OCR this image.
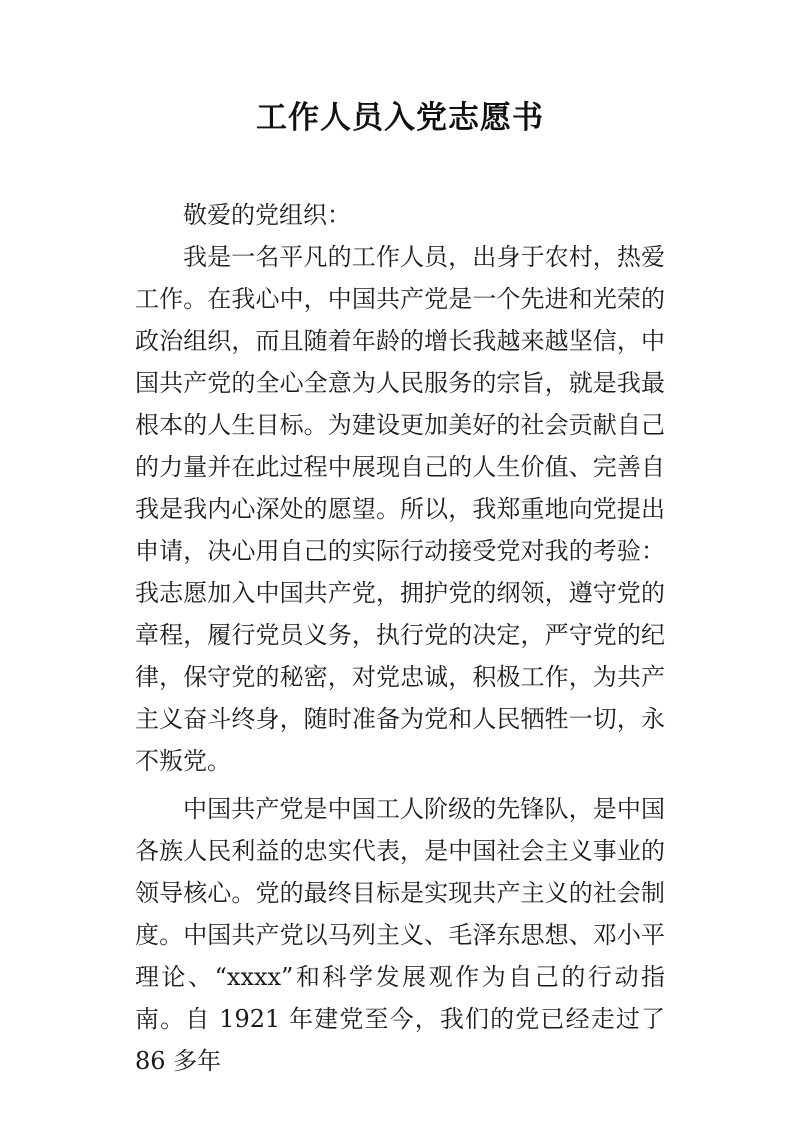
工作人员入党志愿书

敬爱的党组织：

我是一名平凡的工作人员，出身于农村，热爱工作。在我心中，中国共产党是一个先进和光荣的政治组织，而且随着年龄的增长我越来越坚信，中国共产党的全心全意为人民服务的宗旨，就是我最根本的人生目标。为建设更加美好的社会贡献自己的力量并在此过程中展现自己的人生价值、完善自我是我内心深处的愿望。所以，我郑重地向党提出申请，决心用自己的实际行动接受党对我的考验：我志愿加入中国共产党，拥护党的纲领，遵守党的章程，履行党员义务，执行党的决定，严守党的纪律，保守党的秘密，对党忠诚，积极工作，为共产主义奋斗终身，随时准备为党和人民牺牲一切，永不叛党。

中国共产党是中国工人阶级的先锋队，是中国各族人民利益的忠实代表，是中国社会主义事业的领导核心。党的最终目标是实现共产主义的社会制度。中国共产党以马列主义、毛泽东思想、邓小平理论、“xxxx”和科学发展观作为自己的行动指南。自 1921 年建党至今，我们的党已经走过了 86 多年
